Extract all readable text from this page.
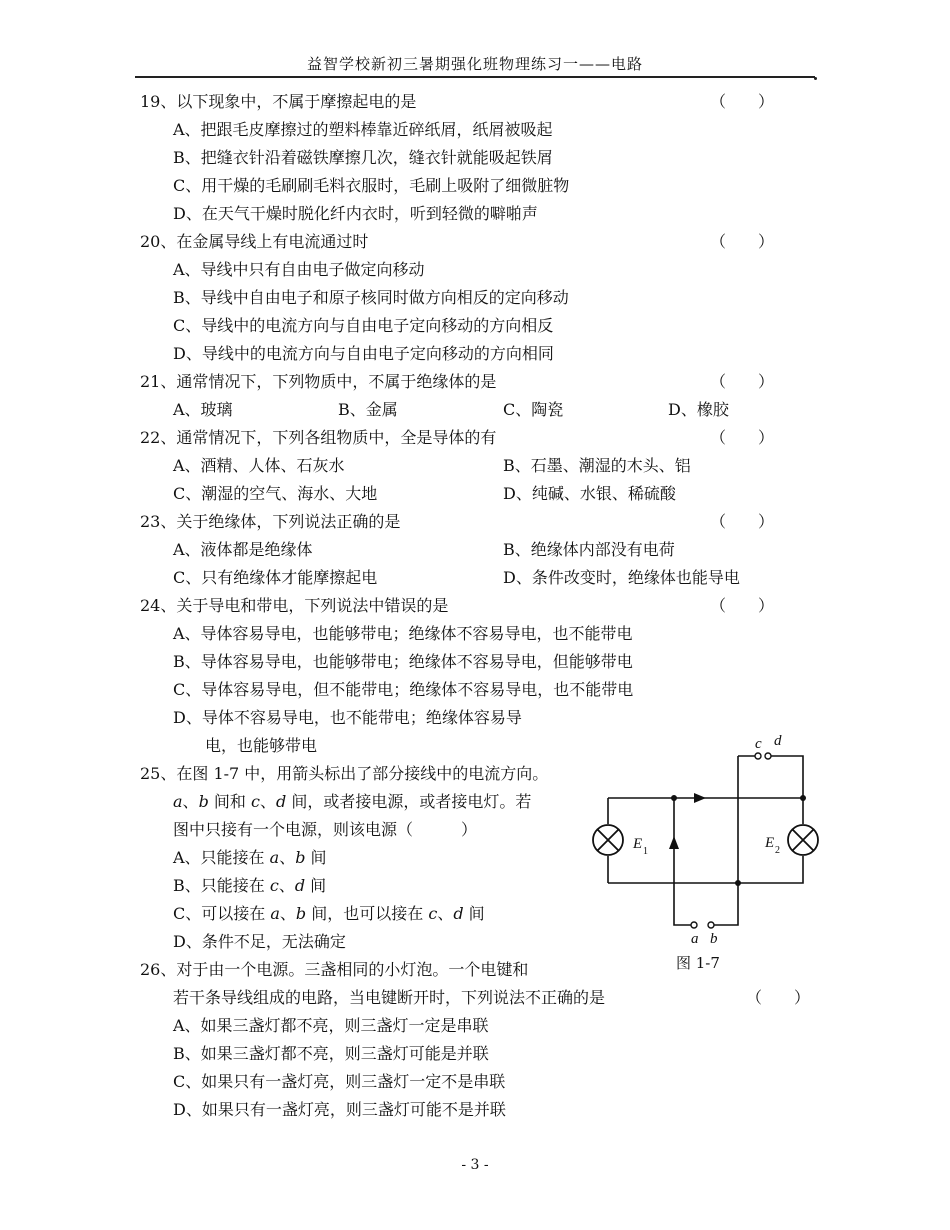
益智学校新初三暑期强化班物理练习一——电路
19、以下现象中，不属于摩擦起电的是	（　　）
A、把跟毛皮摩擦过的塑料棒靠近碎纸屑，纸屑被吸起
B、把缝衣针沿着磁铁摩擦几次，缝衣针就能吸起铁屑
C、用干燥的毛刷刷毛料衣服时，毛刷上吸附了细微脏物
D、在天气干燥时脱化纤内衣时，听到轻微的噼啪声
20、在金属导线上有电流通过时	（　　）
A、导线中只有自由电子做定向移动
B、导线中自由电子和原子核同时做方向相反的定向移动
C、导线中的电流方向与自由电子定向移动的方向相反
D、导线中的电流方向与自由电子定向移动的方向相同
21、通常情况下，下列物质中，不属于绝缘体的是	（　　）
A、玻璃	B、金属	C、陶瓷	D、橡胶
22、通常情况下，下列各组物质中，全是导体的有	（　　）
A、酒精、人体、石灰水	B、石墨、潮湿的木头、铝
C、潮湿的空气、海水、大地	D、纯碱、水银、稀硫酸
23、关于绝缘体，下列说法正确的是	（　　）
A、液体都是绝缘体	B、绝缘体内部没有电荷
C、只有绝缘体才能摩擦起电	D、条件改变时，绝缘体也能导电
24、关于导电和带电，下列说法中错误的是	（　　）
A、导体容易导电，也能够带电；绝缘体不容易导电，也不能带电
B、导体容易导电，也能够带电；绝缘体不容易导电，但能够带电
C、导体容易导电，但不能带电；绝缘体不容易导电，也不能带电
D、导体不容易导电，也不能带电；绝缘体容易导
电，也能够带电
25、在图 1-7 中，用箭头标出了部分接线中的电流方向。
a、b 间和 c、d 间，或者接电源，或者接电灯。若
图中只接有一个电源，则该电源（　　　）
A、只能接在 a、b 间
B、只能接在 c、d 间
C、可以接在 a、b 间，也可以接在 c、d 间
D、条件不足，无法确定
26、对于由一个电源。三盏相同的小灯泡。一个电键和
若干条导线组成的电路，当电键断开时，下列说法不正确的是	（　　）
A、如果三盏灯都不亮，则三盏灯一定是串联
B、如果三盏灯都不亮，则三盏灯可能是并联
C、如果只有一盏灯亮，则三盏灯一定不是串联
D、如果只有一盏灯亮，则三盏灯可能不是并联
E 1
E 2
a b
c d
图 1-7
- 3 -
